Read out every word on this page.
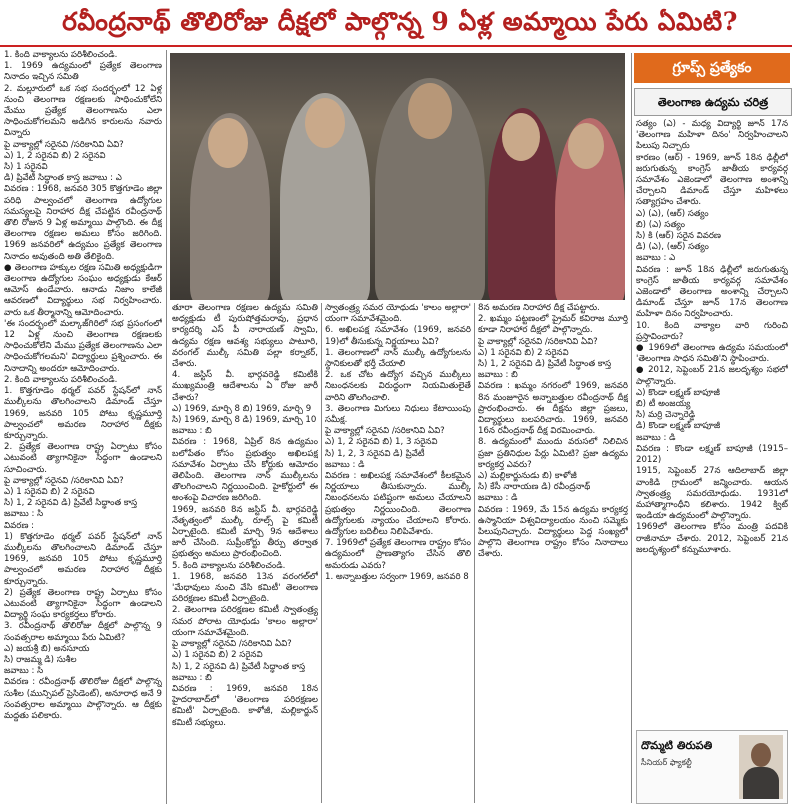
రవీంద్రనాథ్ తొలిరోజు దీక్షలో పాల్గొన్న 9 ఏళ్ల అమ్మాయి పేరు ఏమిటి?

1. కింది వాక్యాలను పరిశీలించండి.

1. 1969 ఉద్యమంలో ప్రత్యేక తెలంగాణ నినాదం ఇచ్చిన సమితి

2. మల్లూరులో ఒక సభ సందర్భంలో 12 ఏళ్ల నుంచి తెలంగాణ రక్షణలకు సాధించుకోలేని మేము ప్రత్యేక తెలంగాణను ఎలా సాధించుకోగలమని అడిగిన కారులను నవారు విన్నారు

పై వాక్యాల్లో సరైనవి /సరికానివి ఏవి?

ఎ) 1, 2 సరైనవి బి) 2 సరైనవి

సి) 1 సరైనవి

డి) ప్రివేటీ సిద్ధాంత కాస్త జవాబు : ఎ

వివరణ : 1968, జనవరి 305 కొత్తగూడెం జిల్లా పరిధి పాల్వంచలో తెలంగాణ ఉద్యోగుల సమస్యలపై నిరాహార దీక్ష చేపట్టిన రవీంద్రనాథ్ తొలి రోజున 9 ఏళ్ల అమ్మాయి పాల్గొంది. ఈ దీక్ష తెలంగాణ రక్షణల అమలు కోసం జరిగింది. 1969 జనవరిలో ఉద్యమం ప్రత్యేక తెలంగాణ నినాదం అవుతంది అతి తేలికైంది.

● తెలంగాణ హక్కుల రక్షణ సమితి అధ్యక్షుడిగా తెలంగాణ ఉద్యోగుల సంఘం అధ్యక్షుడు కేఆర్ ఆమోస్ ఉండేవారు. ఆనాడు నిజాం కాలేజీ ఆవరణలో విద్యార్థులు సభ నిర్వహించారు. వారు ఒక తీర్మానాన్ని ఆమోదించారు.

'ఈ సందర్భంలో మల్కాజ్‌గిరిలో సభ ప్రసంగంలో 12 ఏళ్ల నుంచి తెలంగాణ రక్షణలకు సాధించుకోలేని మేము ప్రత్యేక తెలంగాణను ఎలా సాధించుకోగలమని' విద్యార్థులు ప్రశ్నించారు. ఈ నినాదాన్ని అందరూ ఆమోదించారు.

2. కింది వాక్యాలను పరిశీలించండి.

1. కొత్తగూడెం థర్మల్ పవర్ స్టేషన్‌లో నాన్ ముల్కీలను తొలగించాలని డిమాండ్ చేస్తూ 1969, జనవరి 105 పోటు కృష్ణమూర్తి పాల్వంచలో అమరణ నిరాహార దీక్షకు కూర్చున్నారు.

2. ప్రత్యేక తెలంగాణ రాష్ట్ర ఏర్పాటు కోసం ఎటువంటి త్యాగానికైనా సిద్ధంగా ఉండాలని సూచించారు.

పై వాక్యాల్లో సరైనవి /సరికానివి ఏవి?

ఎ) 1 సరైనవి బి) 2 సరైనవి

సి) 1, 2 సరైనవి డి) ప్రివేటీ సిద్ధాంత కాస్త

జవాబు : సి

వివరణ :

1) కొత్తగూడెం థర్మల్ పవర్ స్టేషన్‌లో నాన్ ముల్కీలను తొలగించాలని డిమాండ్ చేస్తూ 1969, జనవరి 105 పోటు కృష్ణమూర్తి పాల్వంచలో అమరణ నిరాహార దీక్షకు కూర్చున్నారు.

2) ప్రత్యేక తెలంగాణ రాష్ట్ర ఏర్పాటు కోసం ఎటువంటి త్యాగానికైనా సిద్ధంగా ఉండాలని విద్యార్థి సంఘ కార్యకర్తలు కోరారు.

3. రవీంద్రనాథ్ తొలిరోజు దీక్షలో పాల్గొన్న 9 సంవత్సరాల అమ్మాయి పేరు ఏమిటి?

ఎ) జయశ్రీ బి) అనసూయ

సి) రాజమ్మ డి) సుశీల

జవాబు : సి

వివరణ : రవీంద్రనాథ్ తొలిరోజు దీక్షలో పాల్గొన్న సుశీల (మున్సిపల్ ప్రెసిడెంట్), అనూరాధ అనే 9 సంవత్సరాల అమ్మాయి పాల్గొన్నారు. ఆ దీక్షకు మద్దతు పలికారు.

తూరా తెలంగాణ రక్షణల ఉద్యమ సమితి అధ్యక్షుడు టీ పురుషోత్తమరావు, ప్రధాన కార్యదర్శి ఎస్ పీ నారాయణ్ స్వామి, ఉద్యమ రక్షణ ఆవశ్య సభ్యులు పాటూరి, వరంగల్ ముల్కీ సమితి పల్లా కర్నాకర్, చేశారు.

4. జస్టిస్ వీ. భార్గవరెడ్డి కమిటీకి ముఖ్యమంత్రి ఆదేశాలను ఏ రోజు జారీ చేశారు?

ఎ) 1969, మార్చి 8 బి) 1969, మార్చి 9

సి) 1969, మార్చి 8 డి) 1969, మార్చి 10

జవాబు : బి

వివరణ : 1968, ఏప్రిల్ 8న ఉద్యమం బలోపేతం కోసం ప్రభుత్వం అఖిలపక్ష సమావేశం ఏర్పాటు చేసి కోర్టుకు ఆమోదం తెలిపింది. తెలంగాణ నాన్ ముల్కీలను తొలగించాలని నిర్ణయించింది. హైకోర్టులో ఈ అంశంపై విచారణ జరిగింది.

1969, జనవరి 8న జస్టిస్ వీ. భార్గవరెడ్డి నేతృత్వంలో ముల్కీ రూల్స్ పై కమిటీ ఏర్పాటైంది. కమిటీ మార్చి 9న ఆదేశాలు జారీ చేసింది. సుప్రీంకోర్టు తీర్పు తర్వాత ప్రభుత్వం అమలు ప్రారంభించింది.

5. కింది వాక్యాలను పరిశీలించండి.

1. 1968, జనవరి 13న వరంగల్‌లో 'మేధావులు నుంచి వేసి కమిటీ' తెలంగాణ పరిరక్షణల కమిటీ ఏర్పాటైంది.

2. తెలంగాణ పరిరక్షణల కమిటీ స్వాతంత్ర్య సమర పోరాట యోధుడు 'కాలం అల్లారా' యంగా సమావేశమైంది.

పై వాక్యాల్లో సరైనవి /సరికానివి ఏవి?

ఎ) 1 సరైనవి బి) 2 సరైనవి

సి) 1, 2 సరైనవి డి) ప్రివేటీ సిద్ధాంత కాస్త

జవాబు : బి

వివరణ : 1969, జనవరి 18న హైదరాబాద్‌లో 'తెలంగాణ పరిరక్షణల కమిటీ' ఏర్పాటైంది. కాళోజీ, మల్లికార్జున్ కమిటీ సభ్యులు.

స్వాతంత్ర్య సమర యోధుడు 'కాలం అల్లారా' యంగా సమావేశమైంది.

6. అఖిలపక్ష సమావేశం (1969, జనవరి 19)లో తీసుకున్న నిర్ణయాలు ఏవి?

1. తెలంగాణలో నాన్ ముల్కీ ఉద్యోగులను స్థానికులతో భర్తీ చేయాలి

2. ఒక చోట ఉద్యోగ వచ్చిన ముల్కీలు నిబంధనలకు విరుద్ధంగా నియమితులైతే వారిని తొలగించాలి.

3. తెలంగాణ మిగులు నిధులు కేటాయింపు సమీక్ష.

పై వాక్యాల్లో సరైనవి /సరికానివి ఏవి?

ఎ) 1, 2 సరైనవి బి) 1, 3 సరైనవి

సి) 1, 2, 3 సరైనవి డి) ప్రివేటీ

జవాబు : డి

వివరణ : అఖిలపక్ష సమావేశంలో కీలకమైన నిర్ణయాలు తీసుకున్నారు. ముల్కీ నిబంధనలను పటిష్టంగా అమలు చేయాలని ప్రభుత్వం నిర్ణయించింది. తెలంగాణ ఉద్యోగులకు న్యాయం చేయాలని కోరారు. ఉద్యోగుల బదిలీలు నిలిపివేశారు.

7. 1969లో ప్రత్యేక తెలంగాణ రాష్ట్రం కోసం ఉద్యమంలో ప్రాణత్యాగం చేసిన తొలి అమరుడు ఎవరు?

1. అన్నాబత్తుల సర్వంగా 1969, జనవరి 8

8న అమరణ నిరాహార దీక్ష చేపట్టారు.

2. ఖమ్మం పట్టణంలో ప్రైమర్ కవిరాజ మూర్తి కూడా నిరాహార దీక్షలో పాల్గొన్నారు.

పై వాక్యాల్లో సరైనవి /సరికానివి ఏవి?

ఎ) 1 సరైనవి బి) 2 సరైనవి

సి) 1, 2 సరైనవి డి) ప్రివేటీ సిద్ధాంత కాస్త

జవాబు : బి

వివరణ : ఖమ్మం నగరంలో 1969, జనవరి 8న మంజూరైన అన్నాబత్తుల రవీంద్రనాథ్ దీక్ష ప్రారంభించారు. ఈ దీక్షను జిల్లా ప్రజలు, విద్యార్థులు బలపరిచారు. 1969, జనవరి 16న రవీంద్రనాథ్ దీక్ష విరమించారు.

8. ఉద్యమంలో ముందు వరుసలో నిలిచిన ప్రజా ప్రతినిధుల పేర్లు ఏమిటి? ప్రజా ఉద్యమ కార్యకర్త ఎవరు?

ఎ) మల్లికార్జునుడు బి) కాళోజీ

సి) కేసీ నారాయణ డి) రవీంద్రనాథ్

జవాబు : డి

వివరణ : 1969, మే 15న ఉద్యమ కార్యకర్త ఉస్మానియా విశ్వవిద్యాలయం నుంచి సమ్మెకు పిలుపునిచ్చారు. విద్యార్థులు పెద్ద సంఖ్యలో పాల్గొని తెలంగాణ రాష్ట్రం కోసం నినాదాలు చేశారు.

గ్రూప్స్ ప్రత్యేకం
తెలంగాణ ఉద్యమ చరిత్ర

సత్యం (ఎ) - మధ్య విద్యార్థి జూన్ 17న 'తెలంగాణ మహిళా దినం' నిర్వహించాలని పిలుపు నిచ్చారు

కారణం (ఆర్) - 1969, జూన్ 18న ఢిల్లీలో జరుగుతున్న కాంగ్రెస్ జాతీయ కార్యవర్గ సమావేశం ఎజెండాలో తెలంగాణ అంశాన్ని చేర్చాలని డిమాండ్ చేస్తూ మహిళలు సత్యాగ్రహం చేశారు.

ఎ) (ఎ), (ఆర్) సత్యం

బి) (ఎ) సత్యం

సి) కి (ఆర్) సరైన వివరణ

డి) (ఎ), (ఆర్) సత్యం

జవాబు : ఎ

వివరణ : జూన్ 18న ఢిల్లీలో జరుగుతున్న కాంగ్రెస్ జాతీయ కార్యవర్గ సమావేశం ఎజెండాలో తెలంగాణ అంశాన్ని చేర్చాలని డిమాండ్ చేస్తూ జూన్ 17న తెలంగాణ మహిళా దినం నిర్వహించారు.

10. కింది వాక్యాల వారి గురించి ప్రస్తావించారు?

● 1969లో తెలంగాణ ఉద్యమ సమయంలో 'తెలంగాణ సాధన సమితి'ని స్థాపించారు.

● 2012, సెప్టెంబర్ 21న జలదృశ్యం సభలో పాల్గొన్నారు.

ఎ) కొండా లక్ష్మణ్ బాపూజీ

బి) టీ అంజయ్య

సి) మర్రి చెన్నారెడ్డి

డి) కొండా లక్ష్మణ్ బాపూజీ

జవాబు : డి

వివరణ : కొండా లక్ష్మణ్ బాపూజీ (1915–2012)

1915, సెప్టెంబర్ 27న ఆదిలాబాద్ జిల్లా వాంకిడి గ్రామంలో జన్మించారు. ఆయన స్వాతంత్ర్య సమరయోధుడు. 1931లో మహాత్మాగాంధీని కలిశారు. 1942 క్విట్ ఇండియా ఉద్యమంలో పాల్గొన్నారు.

1969లో తెలంగాణ కోసం మంత్రి పదవికి రాజీనామా చేశారు. 2012, సెప్టెంబర్ 21న జలదృశ్యంలో కన్నుమూశారు.

దొమ్మటి తిరుపతి
సీనియర్ ఫ్యాకల్టీ
